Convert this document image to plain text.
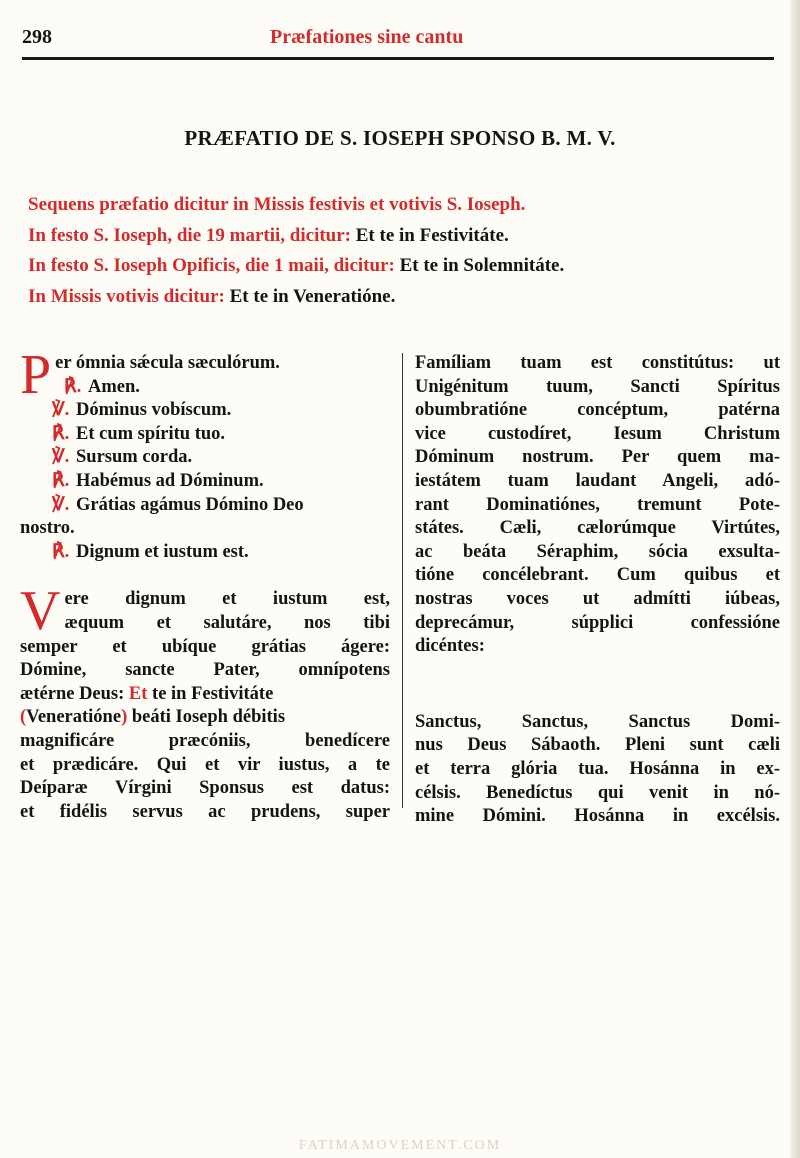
298	Præfationes sine cantu
PRÆFATIO DE S. IOSEPH SPONSO B. M. V.
Sequens præfatio dicitur in Missis festivis et votivis S. Ioseph.
In festo S. Ioseph, die 19 martii, dicitur: Et te in Festivitáte.
In festo S. Ioseph Opificis, die 1 maii, dicitur: Et te in Solemnitáte.
In Missis votivis dicitur: Et te in Veneratióne.
P er ómnia sǽcula sæculórum.
℟. Amen.
℣. Dóminus vobíscum.
℟. Et cum spíritu tuo.
℣. Sursum corda.
℟. Habémus ad Dóminum.
℣. Grátias agámus Dómino Deo
nostro.
℟. Dignum et iustum est.
V ere dignum et iustum est,
æquum et salutáre, nos tibi
semper et ubíque grátias ágere:
Dómine, sancte Pater, omnípotens
ætérne Deus: Et te in Festivitáte
(Veneratióne) beáti Ioseph débitis
magnificáre præcóniis, benedícere
et prædicáre. Qui et vir iustus, a te
Deíparæ Vírgini Sponsus est datus:
et fidélis servus ac prudens, super
Famíliam tuam est constitútus: ut
Unigénitum tuum, Sancti Spíritus
obumbratióne concéptum, patérna
vice custodíret, Iesum Christum
Dóminum nostrum. Per quem ma-
iestátem tuam laudant Angeli, adó-
rant Dominatiónes, tremunt Pote-
státes. Cæli, cælorúmque Virtútes,
ac beáta Séraphim, sócia exsulta-
tióne concélebrant. Cum quibus et
nostras voces ut admítti iúbeas,
deprecámur, súpplici confessióne
dicéntes:
Sanctus, Sanctus, Sanctus Domi-
nus Deus Sábaoth. Pleni sunt cæli
et terra glória tua. Hosánna in ex-
célsis. Benedíctus qui venit in nó-
mine Dómini. Hosánna in excélsis.
FATIMAMOVEMENT.COM
